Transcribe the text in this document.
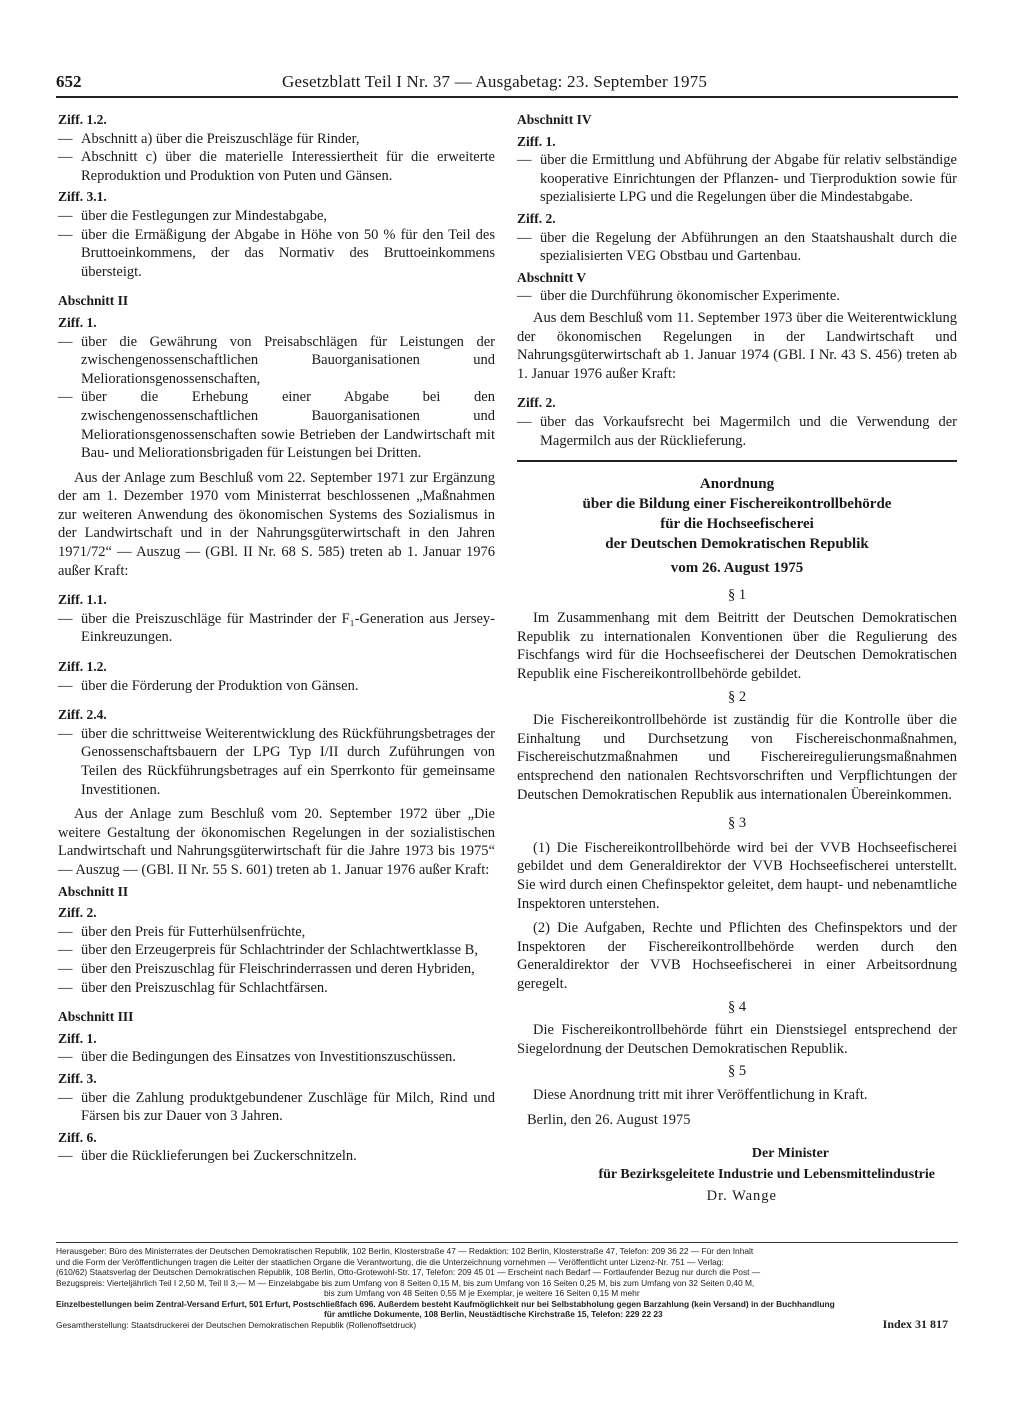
652	Gesetzblatt Teil I Nr. 37 — Ausgabetag: 23. September 1975
Ziff. 1.2.
— Abschnitt a) über die Preiszuschläge für Rinder,
— Abschnitt c) über die materielle Interessiertheit für die erweiterte Reproduktion und Produktion von Puten und Gänsen.
Ziff. 3.1.
— über die Festlegungen zur Mindestabgabe,
— über die Ermäßigung der Abgabe in Höhe von 50 % für den Teil des Bruttoeinkommens, der das Normativ des Bruttoeinkommens übersteigt.
Abschnitt II
Ziff. 1.
— über die Gewährung von Preisabschlägen für Leistungen der zwischengenossenschaftlichen Bauorganisationen und Meliorationsgenossenschaften,
— über die Erhebung einer Abgabe bei den zwischengenossenschaftlichen Bauorganisationen und Meliorationsgenossenschaften sowie Betrieben der Landwirtschaft mit Bau- und Meliorationsbrigaden für Leistungen bei Dritten.
Aus der Anlage zum Beschluß vom 22. September 1971 zur Ergänzung der am 1. Dezember 1970 vom Ministerrat beschlossenen „Maßnahmen zur weiteren Anwendung des ökonomischen Systems des Sozialismus in der Landwirtschaft und in der Nahrungsgüterwirtschaft in den Jahren 1971/72“ — Auszug — (GBl. II Nr. 68 S. 585) treten ab 1. Januar 1976 außer Kraft:
Ziff. 1.1.
— über die Preiszuschläge für Mastrinder der F₁-Generation aus Jersey-Einkreuzungen.
Ziff. 1.2.
— über die Förderung der Produktion von Gänsen.
Ziff. 2.4.
— über die schrittweise Weiterentwicklung des Rückführungsbetrages der Genossenschaftsbauern der LPG Typ I/II durch Zuführungen von Teilen des Rückführungsbetrages auf ein Sperrkonto für gemeinsame Investitionen.
Aus der Anlage zum Beschluß vom 20. September 1972 über „Die weitere Gestaltung der ökonomischen Regelungen in der sozialistischen Landwirtschaft und Nahrungsgüterwirtschaft für die Jahre 1973 bis 1975“ — Auszug — (GBl. II Nr. 55 S. 601) treten ab 1. Januar 1976 außer Kraft:
Abschnitt II
Ziff. 2.
— über den Preis für Futterhülsenfrüchte,
— über den Erzeugerpreis für Schlachtrinder der Schlachtwertklasse B,
— über den Preiszuschlag für Fleischrinderrassen und deren Hybriden,
— über den Preiszuschlag für Schlachtfärsen.
Abschnitt III
Ziff. 1.
— über die Bedingungen des Einsatzes von Investitionszuschüssen.
Ziff. 3.
— über die Zahlung produktgebundener Zuschläge für Milch, Rind und Färsen bis zur Dauer von 3 Jahren.
Ziff. 6.
— über die Rücklieferungen bei Zuckerschnitzeln.
Abschnitt IV
Ziff. 1.
— über die Ermittlung und Abführung der Abgabe für relativ selbständige kooperative Einrichtungen der Pflanzen- und Tierproduktion sowie für spezialisierte LPG und die Regelungen über die Mindestabgabe.
Ziff. 2.
— über die Regelung der Abführungen an den Staatshaushalt durch die spezialisierten VEG Obstbau und Gartenbau.
Abschnitt V
— über die Durchführung ökonomischer Experimente.
Aus dem Beschluß vom 11. September 1973 über die Weiterentwicklung der ökonomischen Regelungen in der Landwirtschaft und Nahrungsgüterwirtschaft ab 1. Januar 1974 (GBl. I Nr. 43 S. 456) treten ab 1. Januar 1976 außer Kraft:
Ziff. 2.
— über das Vorkaufsrecht bei Magermilch und die Verwendung der Magermilch aus der Rücklieferung.
Anordnung
über die Bildung einer Fischereikontrollbehörde
für die Hochseefischerei
der Deutschen Demokratischen Republik
vom 26. August 1975
§ 1
Im Zusammenhang mit dem Beitritt der Deutschen Demokratischen Republik zu internationalen Konventionen über die Regulierung des Fischfangs wird für die Hochseefischerei der Deutschen Demokratischen Republik eine Fischereikontrollbehörde gebildet.
§ 2
Die Fischereikontrollbehörde ist zuständig für die Kontrolle über die Einhaltung und Durchsetzung von Fischereischonmaßnahmen, Fischereischutzmaßnahmen und Fischereiregulierungsmaßnahmen entsprechend den nationalen Rechtsvorschriften und Verpflichtungen der Deutschen Demokratischen Republik aus internationalen Übereinkommen.
§ 3
(1) Die Fischereikontrollbehörde wird bei der VVB Hochseefischerei gebildet und dem Generaldirektor der VVB Hochseefischerei unterstellt. Sie wird durch einen Chefinspektor geleitet, dem haupt- und nebenamtliche Inspektoren unterstehen.
(2) Die Aufgaben, Rechte und Pflichten des Chefinspektors und der Inspektoren der Fischereikontrollbehörde werden durch den Generaldirektor der VVB Hochseefischerei in einer Arbeitsordnung geregelt.
§ 4
Die Fischereikontrollbehörde führt ein Dienstsiegel entsprechend der Siegelordnung der Deutschen Demokratischen Republik.
§ 5
Diese Anordnung tritt mit ihrer Veröffentlichung in Kraft.
Berlin, den 26. August 1975
Der Minister
für Bezirksgeleitete Industrie und Lebensmittelindustrie
Dr. Wange
Herausgeber: Büro des Ministerrates der Deutschen Demokratischen Republik, 102 Berlin, Klosterstraße 47 — Redaktion: 102 Berlin, Klosterstraße 47, Telefon: 209 36 22 — Für den Inhalt
und die Form der Veröffentlichungen tragen die Leiter der staatlichen Organe die Verantwortung, die die Unterzeichnung vornehmen — Veröffentlicht unter Lizenz-Nr. 751 — Verlag:
(610/62) Staatsverlag der Deutschen Demokratischen Republik, 108 Berlin, Otto-Grotewohl-Str. 17, Telefon: 209 45 01 — Erscheint nach Bedarf — Fortlaufender Bezug nur durch die Post —
Bezugspreis: Vierteljährlich Teil I 2,50 M, Teil II 3,— M — Einzelabgabe bis zum Umfang von 8 Seiten 0,15 M, bis zum Umfang von 16 Seiten 0,25 M, bis zum Umfang von 32 Seiten 0,40 M,
bis zum Umfang von 48 Seiten 0,55 M je Exemplar, je weitere 16 Seiten 0,15 M mehr
Einzelbestellungen beim Zentral-Versand Erfurt, 501 Erfurt, Postschließfach 696. Außerdem besteht Kaufmöglichkeit nur bei Selbstabholung gegen Barzahlung (kein Versand) in der Buchhandlung
für amtliche Dokumente, 108 Berlin, Neustädtische Kirchstraße 15, Telefon: 229 22 23
Gesamtherstellung: Staatsdruckerei der Deutschen Demokratischen Republik (Rollenoffsetdruck)	Index 31 817
